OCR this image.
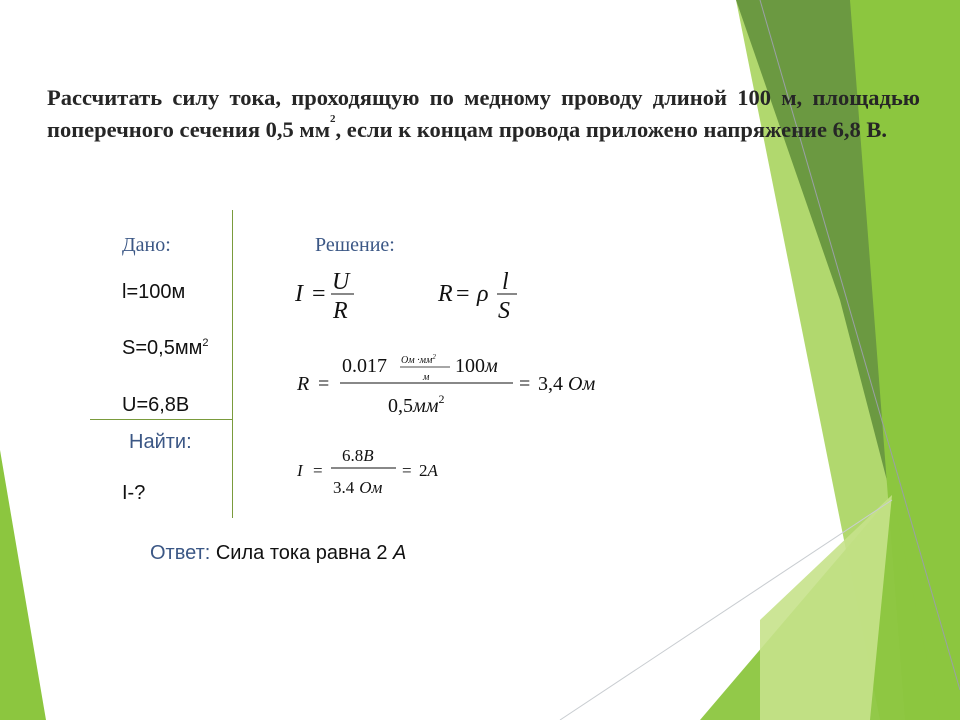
Рассчитать силу тока, проходящую по медному проводу длиной 100 м, площадью поперечного сечения 0,5 $мм^2$, если к концам провода приложено напряжение 6,8 В.
Дано:	Решение:
l=100м
$S=0,5мм^2$
U=6,8В
Найти:
I-?
I = U
R
R = ρ l
S
R =
0.017 Ом $\cdot мм^2$
м
100м
$0,5мм^2$
= 3,4 Ом
I =
6.8В
3.4 Ом
= 2А
Ответ: Сила тока равна 2 А
